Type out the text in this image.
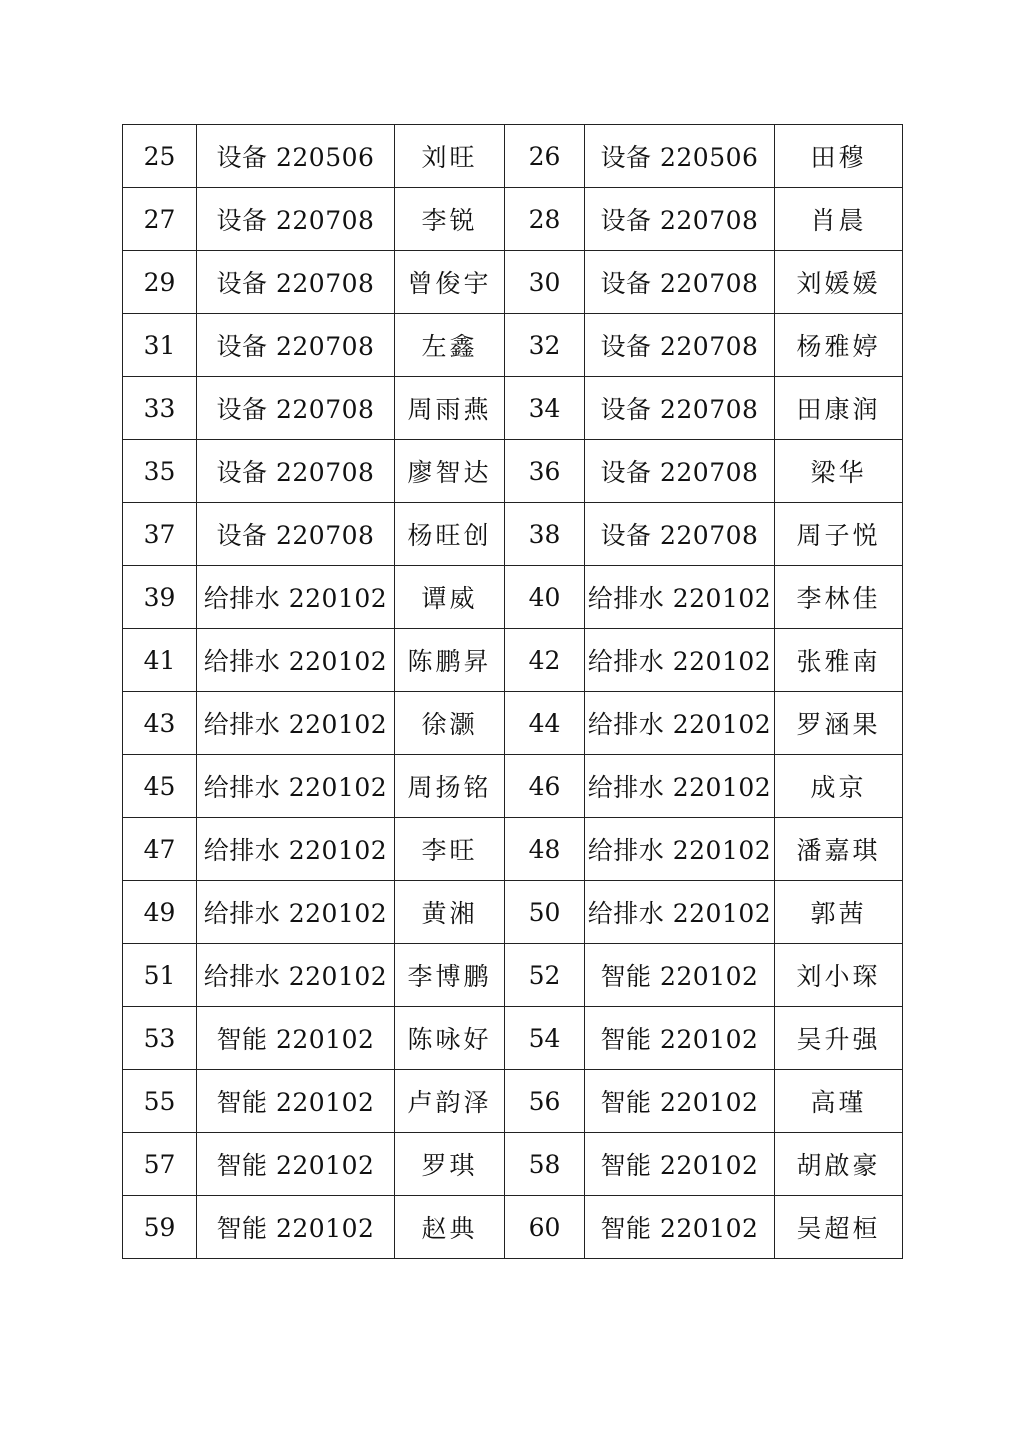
25	设备 220506	刘旺	26	设备 220506	田穆
27	设备 220708	李锐	28	设备 220708	肖晨
29	设备 220708	曾俊宇	30	设备 220708	刘媛媛
31	设备 220708	左鑫	32	设备 220708	杨雅婷
33	设备 220708	周雨燕	34	设备 220708	田康润
35	设备 220708	廖智达	36	设备 220708	梁华
37	设备 220708	杨旺创	38	设备 220708	周子悦
39	给排水 220102	谭威	40	给排水 220102	李林佳
41	给排水 220102	陈鹏昇	42	给排水 220102	张雅南
43	给排水 220102	徐灏	44	给排水 220102	罗涵果
45	给排水 220102	周扬铭	46	给排水 220102	成京
47	给排水 220102	李旺	48	给排水 220102	潘嘉琪
49	给排水 220102	黄湘	50	给排水 220102	郭茜
51	给排水 220102	李博鹏	52	智能 220102	刘小琛
53	智能 220102	陈咏好	54	智能 220102	吴升强
55	智能 220102	卢韵泽	56	智能 220102	高瑾
57	智能 220102	罗琪	58	智能 220102	胡啟豪
59	智能 220102	赵典	60	智能 220102	吴超桓
